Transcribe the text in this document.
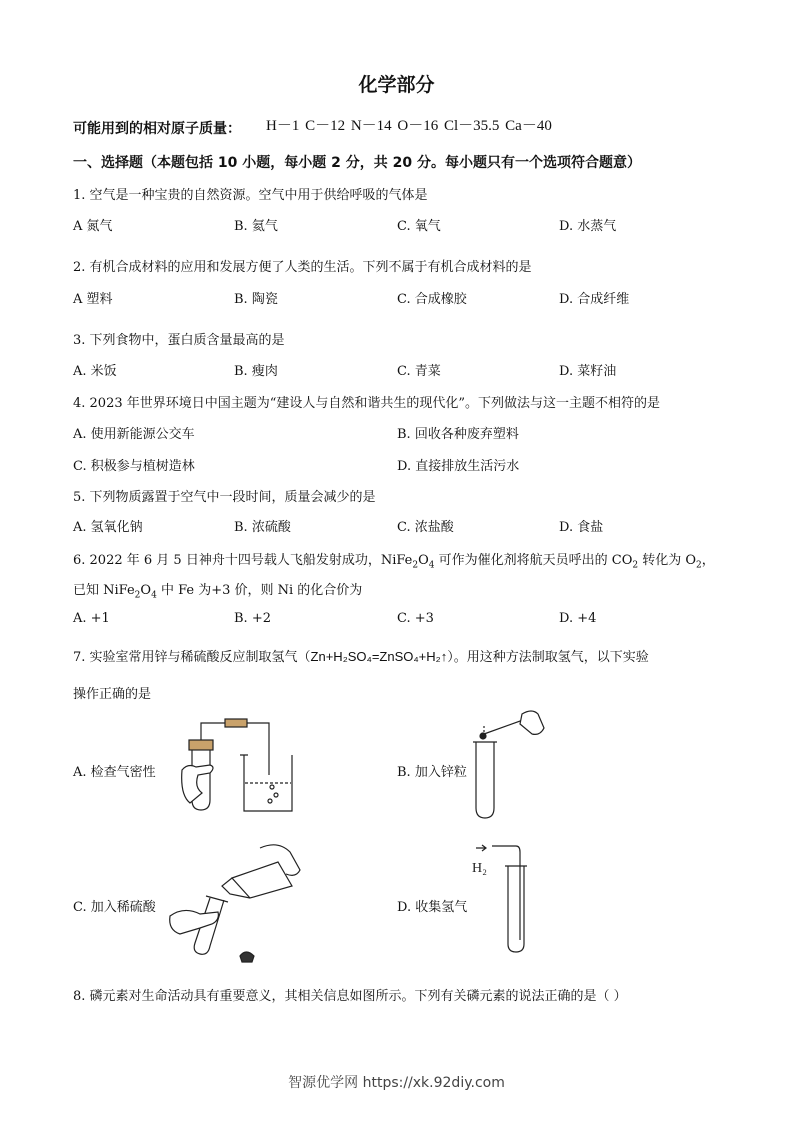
化学部分
可能用到的相对原子质量： H－1 C－12 N－14 O－16 Cl－35.5 Ca－40
一、选择题（本题包括 10 小题，每小题 2 分，共 20 分。每小题只有一个选项符合题意）
1. 空气是一种宝贵的自然资源。空气中用于供给呼吸的气体是
A 氮气	B. 氦气	C. 氧气	D. 水蒸气
2. 有机合成材料的应用和发展方便了人类的生活。下列不属于有机合成材料的是
A 塑料	B. 陶瓷	C. 合成橡胶	D. 合成纤维
3. 下列食物中，蛋白质含量最高的是
A. 米饭	B. 瘦肉	C. 青菜	D. 菜籽油
4. 2023 年世界环境日中国主题为“建设人与自然和谐共生的现代化”。下列做法与这一主题不相符的是
A. 使用新能源公交车	B. 回收各种废弃塑料
C. 积极参与植树造林	D. 直接排放生活污水
5. 下列物质露置于空气中一段时间，质量会减少的是
A. 氢氧化钠	B. 浓硫酸	C. 浓盐酸	D. 食盐
6. 2022 年 6 月 5 日神舟十四号载人飞船发射成功，$NiFe_2O_4$ 可作为催化剂将航天员呼出的 $CO_2$ 转化为 $O_2$，
已知 $NiFe_2O_4$ 中 Fe 为+3 价，则 Ni 的化合价为
A. +1	B. +2	C. +3	D. +4
7. 实验室常用锌与稀硫酸反应制取氢气（Zn+H₂SO₄=ZnSO₄+H₂↑）。用这种方法制取氢气，以下实验
操作正确的是
A. 检查气密性	B. 加入锌粒
C. 加入稀硫酸	D. 收集氢气
H₂
8. 磷元素对生命活动具有重要意义，其相关信息如图所示。下列有关磷元素的说法正确的是（ ）
智源优学网 https://xk.92diy.com
